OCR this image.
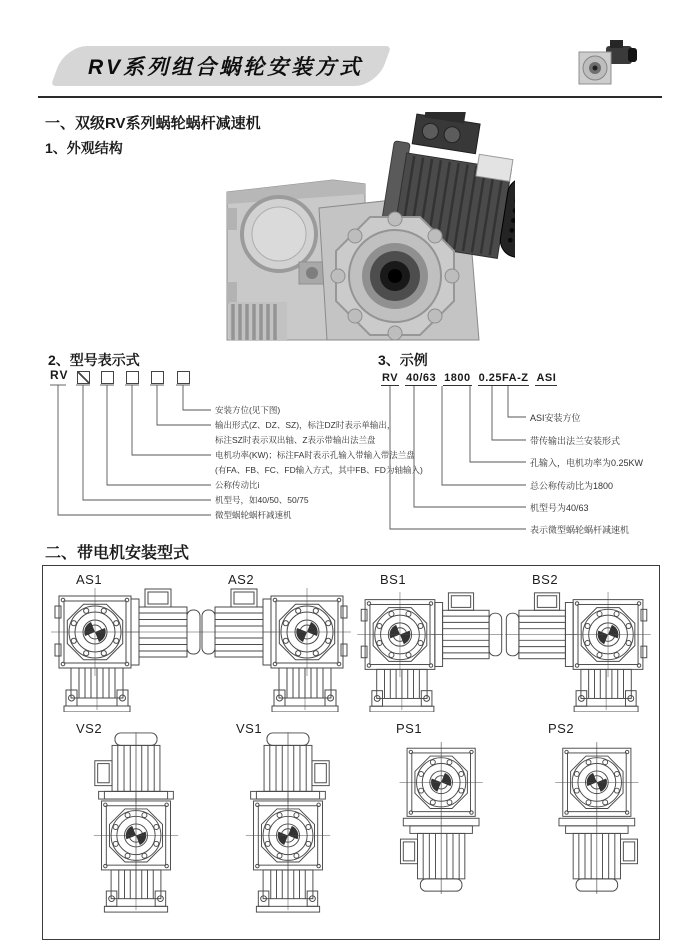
RV系列组合蜗轮安装方式
一、双级RV系列蜗轮蜗杆减速机
1、外观结构
2、型号表示式
RV
安装方位(见下图)
输出形式(Z、DZ、SZ)，标注DZ时表示单输出，
标注SZ时表示双出轴、Z表示带输出法兰盘
电机功率(KW)；标注FA时表示孔输入带输入带法兰盘
(有FA、FB、FC、FD输入方式，其中FB、FD为轴输入)
公称传动比i
机型号，如40/50、50/75
微型蜗轮蜗杆减速机
3、示例
RV 40/63 1800 0.25FA-Z ASI
ASI安装方位
带传输出法兰安装形式
孔输入，电机功率为0.25KW
总公称传动比为1800
机型号为40/63
表示微型蜗轮蜗杆减速机
二、带电机安装型式
AS1	AS2	BS1	BS2
VS2	VS1	PS1	PS2
